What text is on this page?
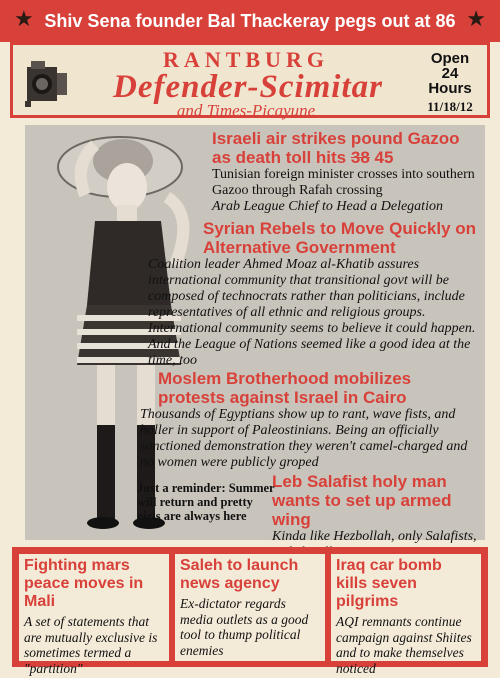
★ Shiv Sena founder Bal Thackeray pegs out at 86 ★
RANTBURG
Defender-Scimitar
and Times-Picayune
Open
24
Hours
11/18/12
Israeli air strikes pound Gazoo as death toll hits 38 45
Tunisian foreign minister crosses into southern Gazoo through Rafah crossing
Arab League Chief to Head a Delegation
Syrian Rebels to Move Quickly on Alternative Government
Coalition leader Ahmed Moaz al-Khatib assures international community that transitional govt will be composed of technocrats rather than politicians, include representatives of all ethnic and religious groups. International community seems to believe it could happen. And the League of Nations seemed like a good idea at the time, too
Moslem Brotherhood mobilizes protests against Israel in Cairo
Thousands of Egyptians show up to rant, wave fists, and holler in support of Paleostinians. Being an officially sanctioned demonstration they weren't camel-charged and no women were publicly groped
Leb Salafist holy man wants to set up armed wing
Kinda like Hezbollah, only Salafists,
Just a reminder: Summer will return and pretty girls are always here
Fighting mars peace moves in Mali
A set of statements that are mutually exclusive is sometimes termed a "partition"
Saleh to launch news agency
Ex-dictator regards media outlets as a good tool to thump political enemies
Iraq car bomb kills seven pilgrims
AQI remnants continue campaign against Shiites and to make themselves noticed
